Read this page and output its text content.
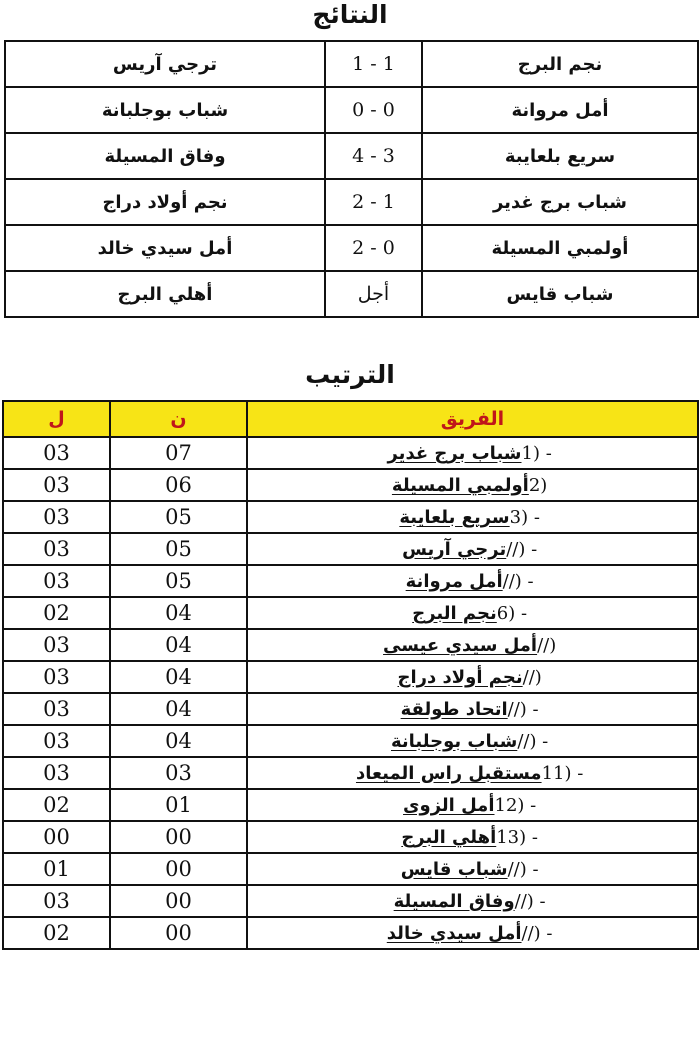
النتائج
ترجي آريس	1 - 1	نجم البرج
شباب بوجلبانة	0 - 0	أمل مروانة
وفاق المسيلة	3 - 4	سريع بلعايبة
نجم أولاد دراج	1 - 2	شباب برج غدير
أمل سيدي خالد	0 - 2	أولمبي المسيلة
أهلي البرج	أجل	شباب قايس
الترتيب
ل	ن	الفريق
03	07	1) - شباب برج غدير
03	06	2) أولمبي المسيلة
03	05	3) - سريع بلعايبة
03	05	//) - ترجي آريس
03	05	//) - أمل مروانة
02	04	6) - نجم البرج
03	04	//) أمل سيدي عيسى
03	04	//) نجم أولاد دراج
03	04	//) - اتحاد طولقة
03	04	//) - شباب بوجلبانة
03	03	11) - مستقبل راس الميعاد
02	01	12) - أمل الزوى
00	00	13) - أهلي البرج
01	00	//) - شباب قايس
03	00	//) - وفاق المسيلة
02	00	//) - أمل سيدي خالد
